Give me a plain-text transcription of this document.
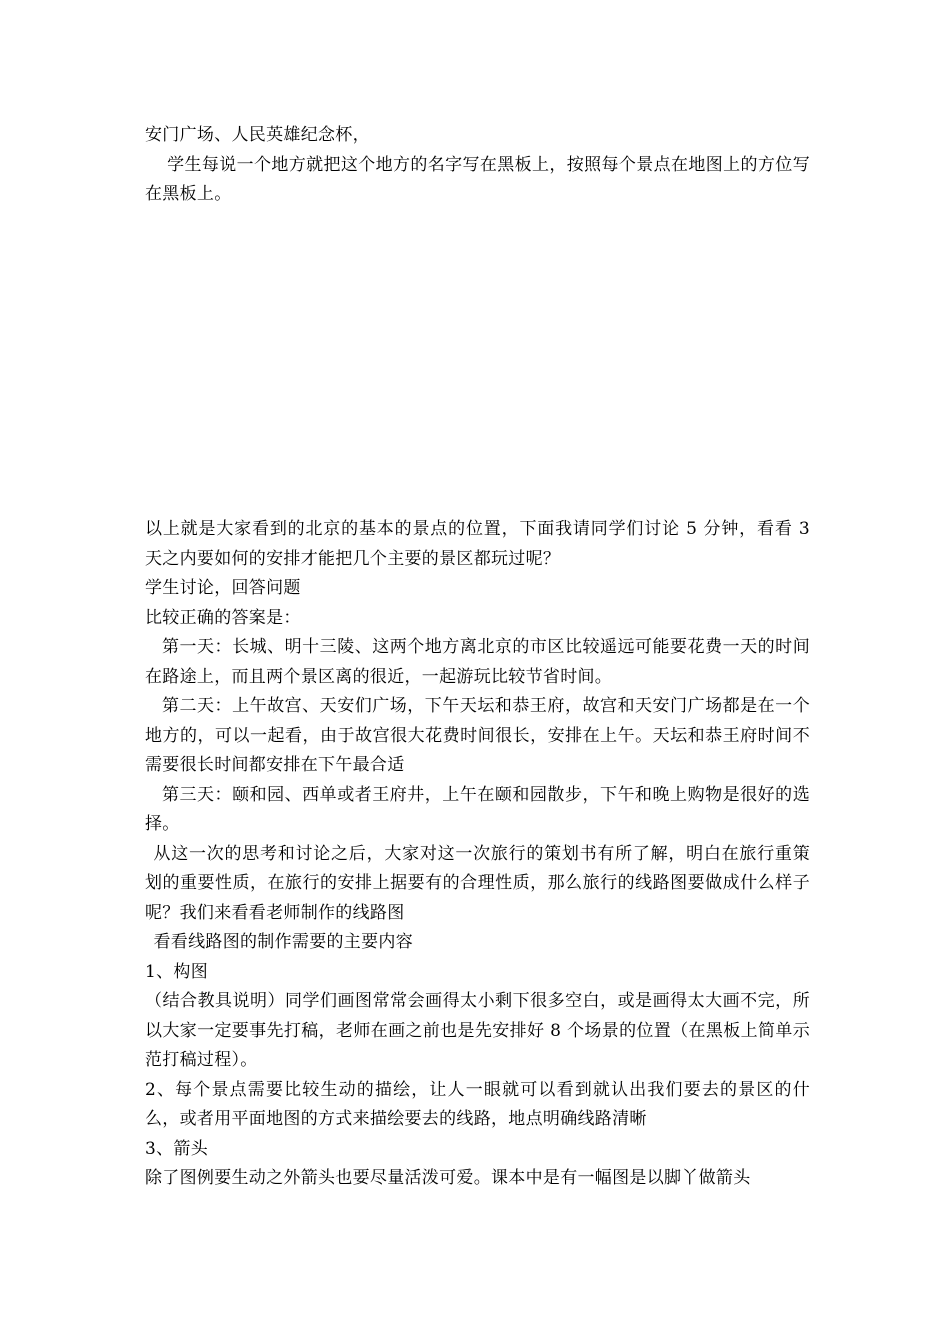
安门广场、人民英雄纪念杯，

学生每说一个地方就把这个地方的名字写在黑板上，按照每个景点在地图上的方位写在黑板上。

以上就是大家看到的北京的基本的景点的位置，下面我请同学们讨论 5 分钟，看看 3 天之内要如何的安排才能把几个主要的景区都玩过呢？

学生讨论，回答问题

比较正确的答案是：

第一天：长城、明十三陵、这两个地方离北京的市区比较遥远可能要花费一天的时间在路途上，而且两个景区离的很近，一起游玩比较节省时间。

第二天：上午故宫、天安们广场，下午天坛和恭王府，故宫和天安门广场都是在一个地方的，可以一起看，由于故宫很大花费时间很长，安排在上午。天坛和恭王府时间不需要很长时间都安排在下午最合适

第三天：颐和园、西单或者王府井，上午在颐和园散步，下午和晚上购物是很好的选择。

从这一次的思考和讨论之后，大家对这一次旅行的策划书有所了解，明白在旅行重策划的重要性质，在旅行的安排上据要有的合理性质，那么旅行的线路图要做成什么样子呢？我们来看看老师制作的线路图

看看线路图的制作需要的主要内容

1、构图

（结合教具说明）同学们画图常常会画得太小剩下很多空白，或是画得太大画不完，所以大家一定要事先打稿，老师在画之前也是先安排好 8 个场景的位置（在黑板上简单示范打稿过程）。

2、每个景点需要比较生动的描绘，让人一眼就可以看到就认出我们要去的景区的什么，或者用平面地图的方式来描绘要去的线路，地点明确线路清晰

3、箭头

除了图例要生动之外箭头也要尽量活泼可爱。课本中是有一幅图是以脚丫做箭头
